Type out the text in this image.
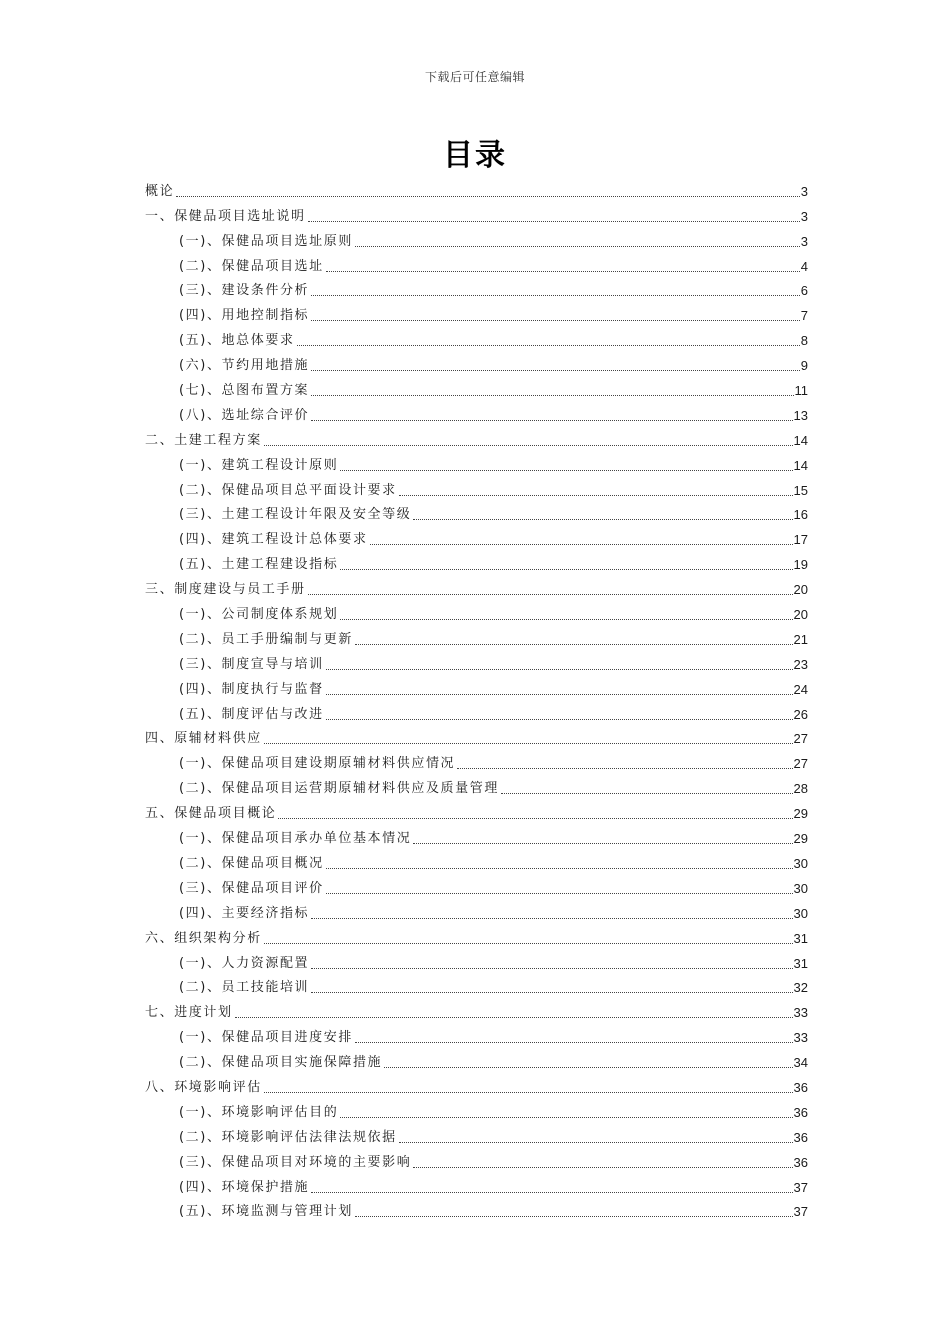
下载后可任意编辑
目录
概论	3
一、保健品项目选址说明	3
(一)、保健品项目选址原则	3
(二)、保健品项目选址	4
(三)、建设条件分析	6
(四)、用地控制指标	7
(五)、地总体要求	8
(六)、节约用地措施	9
(七)、总图布置方案	11
(八)、选址综合评价	13
二、土建工程方案	14
(一)、建筑工程设计原则	14
(二)、保健品项目总平面设计要求	15
(三)、土建工程设计年限及安全等级	16
(四)、建筑工程设计总体要求	17
(五)、土建工程建设指标	19
三、制度建设与员工手册	20
(一)、公司制度体系规划	20
(二)、员工手册编制与更新	21
(三)、制度宣导与培训	23
(四)、制度执行与监督	24
(五)、制度评估与改进	26
四、原辅材料供应	27
(一)、保健品项目建设期原辅材料供应情况	27
(二)、保健品项目运营期原辅材料供应及质量管理	28
五、保健品项目概论	29
(一)、保健品项目承办单位基本情况	29
(二)、保健品项目概况	30
(三)、保健品项目评价	30
(四)、主要经济指标	30
六、组织架构分析	31
(一)、人力资源配置	31
(二)、员工技能培训	32
七、进度计划	33
(一)、保健品项目进度安排	33
(二)、保健品项目实施保障措施	34
八、环境影响评估	36
(一)、环境影响评估目的	36
(二)、环境影响评估法律法规依据	36
(三)、保健品项目对环境的主要影响	36
(四)、环境保护措施	37
(五)、环境监测与管理计划	37
